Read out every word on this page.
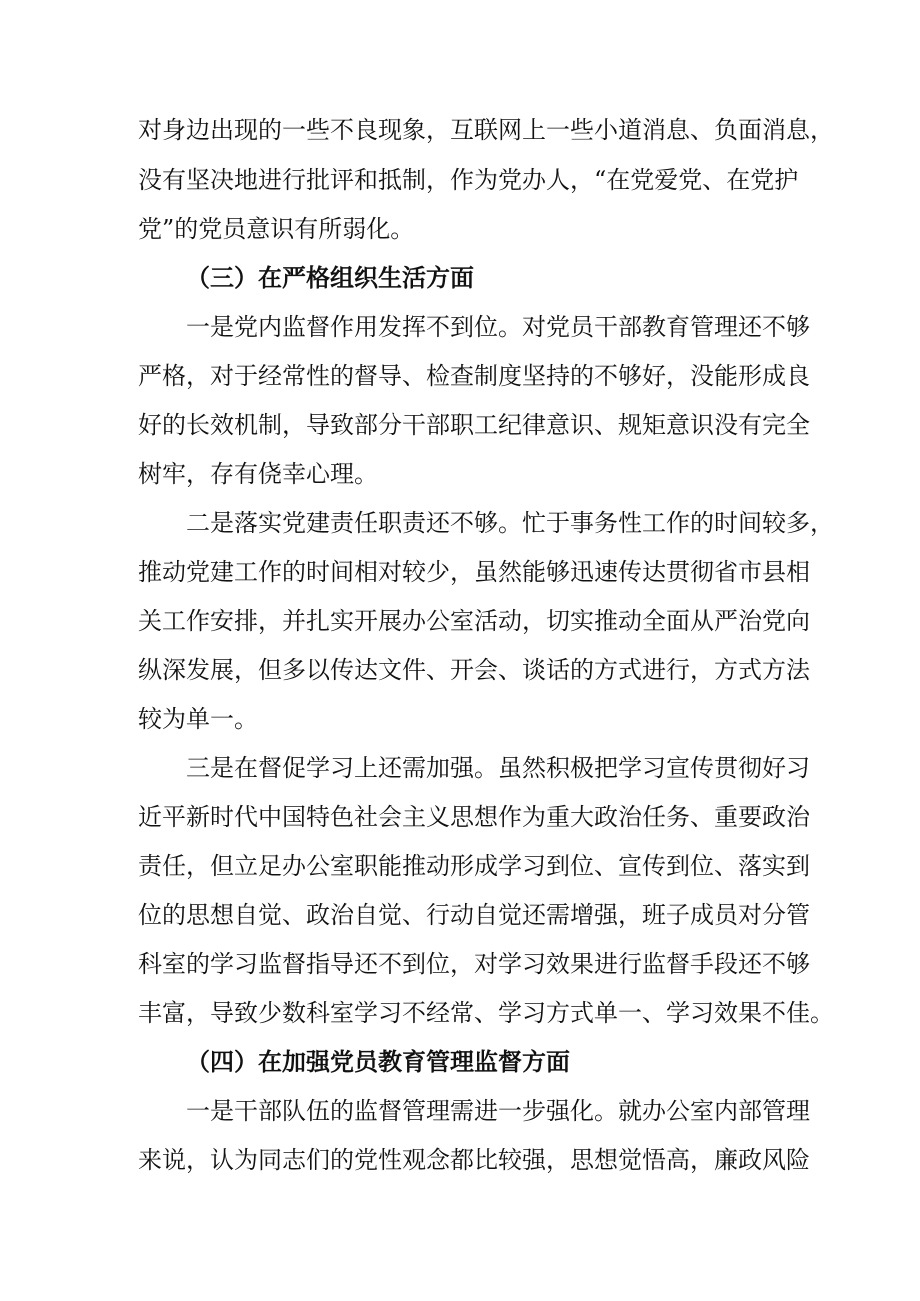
对身边出现的一些不良现象，互联网上一些小道消息、负面消息，
没有坚决地进行批评和抵制，作为党办人，“在党爱党、在党护
党”的党员意识有所弱化。
（三）在严格组织生活方面
一是党内监督作用发挥不到位。对党员干部教育管理还不够
严格，对于经常性的督导、检查制度坚持的不够好，没能形成良
好的长效机制，导致部分干部职工纪律意识、规矩意识没有完全
树牢，存有侥幸心理。
二是落实党建责任职责还不够。忙于事务性工作的时间较多，
推动党建工作的时间相对较少，虽然能够迅速传达贯彻省市县相
关工作安排，并扎实开展办公室活动，切实推动全面从严治党向
纵深发展，但多以传达文件、开会、谈话的方式进行，方式方法
较为单一。
三是在督促学习上还需加强。虽然积极把学习宣传贯彻好习
近平新时代中国特色社会主义思想作为重大政治任务、重要政治
责任，但立足办公室职能推动形成学习到位、宣传到位、落实到
位的思想自觉、政治自觉、行动自觉还需增强，班子成员对分管
科室的学习监督指导还不到位，对学习效果进行监督手段还不够
丰富，导致少数科室学习不经常、学习方式单一、学习效果不佳。
（四）在加强党员教育管理监督方面
一是干部队伍的监督管理需进一步强化。就办公室内部管理
来说，认为同志们的党性观念都比较强，思想觉悟高，廉政风险
